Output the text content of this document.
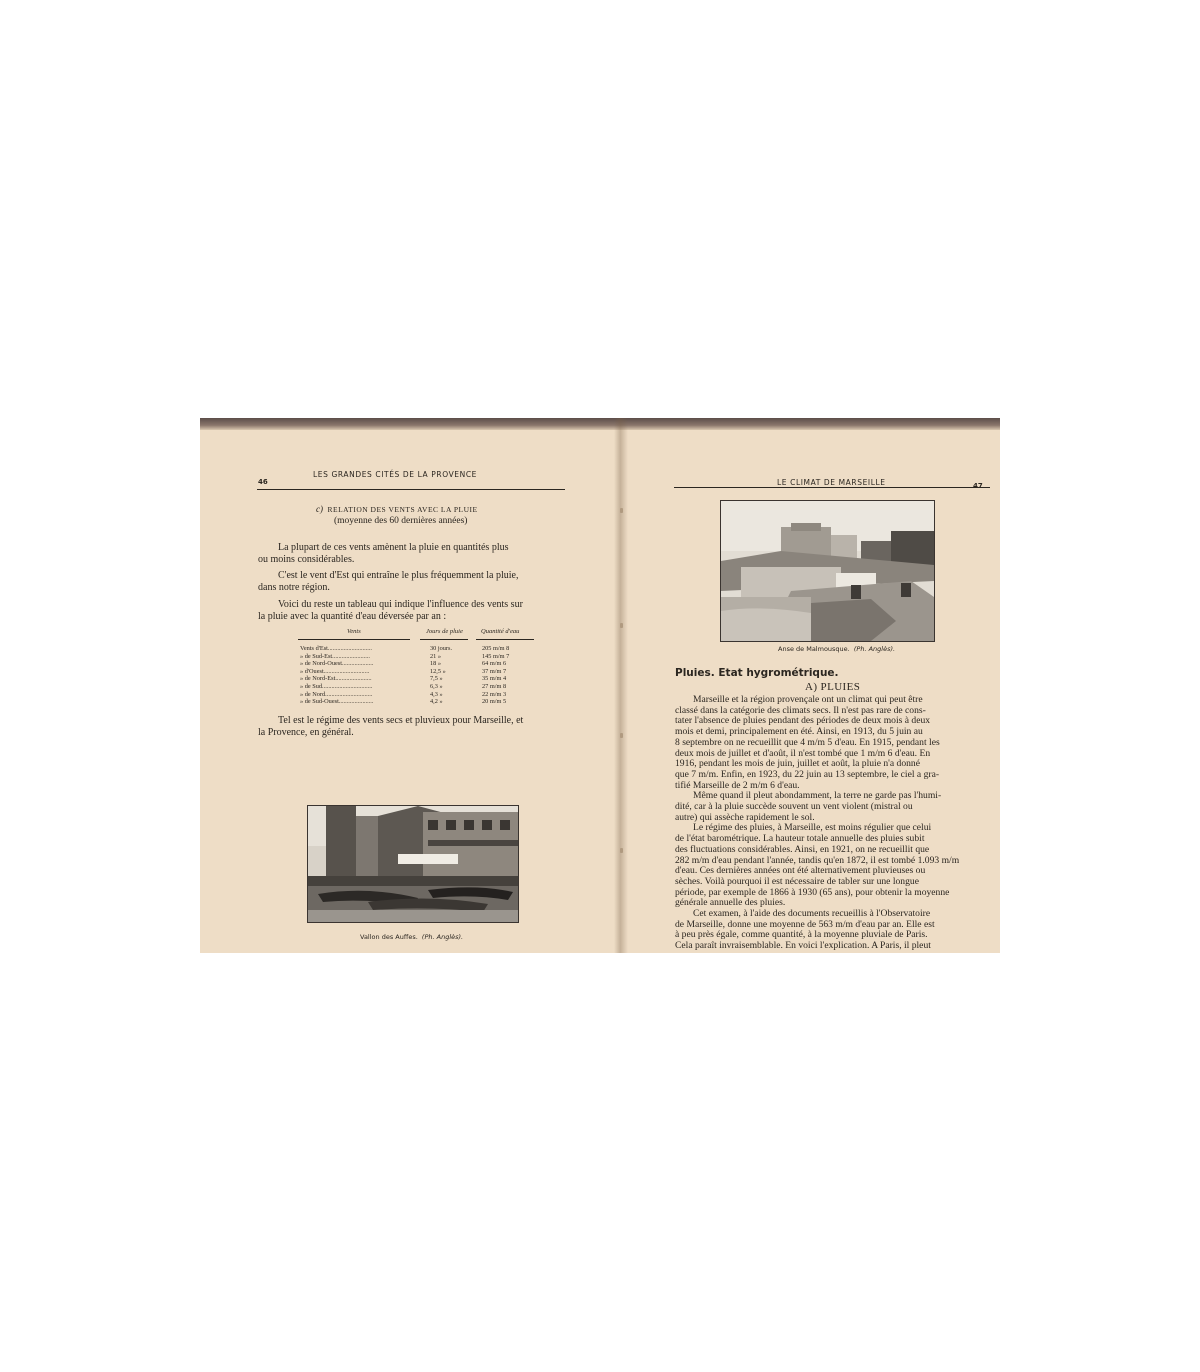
46
LES GRANDES CITÉS DE LA PROVENCE
c) RELATION DES VENTS AVEC LA PLUIE
(moyenne des 60 dernières années)
La plupart de ces vents amènent la pluie en quantités plus
ou moins considérables.
C'est le vent d'Est qui entraîne le plus fréquemment la pluie,
dans notre région.
Voici du reste un tableau qui indique l'influence des vents sur
la pluie avec la quantité d'eau déversée par an :
Vents	Jours de pluie	Quantité d'eau
Vents d'Est............................	30 jours.	205 m/m 8
» de Sud-Est........................	21 »	145 m/m 7
» de Nord-Ouest....................	18 »	64 m/m 6
» d'Ouest.............................	12,5 »	37 m/m 7
» de Nord-Est.......................	7,5 »	35 m/m 4
» de Sud................................	6,3 »	27 m/m 8
» de Nord..............................	4,3 »	22 m/m 3
» de Sud-Ouest......................	4,2 »	20 m/m 5
Tel est le régime des vents secs et pluvieux pour Marseille, et
la Provence, en général.
Vallon des Auffes. (Ph. Anglès).
LE CLIMAT DE MARSEILLE	47
Anse de Malmousque. (Ph. Anglès).
Pluies. Etat hygrométrique.
A) PLUIES
Marseille et la région provençale ont un climat qui peut être
classé dans la catégorie des climats secs. Il n'est pas rare de cons-
tater l'absence de pluies pendant des périodes de deux mois à deux
mois et demi, principalement en été. Ainsi, en 1913, du 5 juin au
8 septembre on ne recueillit que 4 m/m 5 d'eau. En 1915, pendant les
deux mois de juillet et d'août, il n'est tombé que 1 m/m 6 d'eau. En
1916, pendant les mois de juin, juillet et août, la pluie n'a donné
que 7 m/m. Enfin, en 1923, du 22 juin au 13 septembre, le ciel a gra-
tifié Marseille de 2 m/m 6 d'eau.
Même quand il pleut abondamment, la terre ne garde pas l'humi-
dité, car à la pluie succède souvent un vent violent (mistral ou
autre) qui assèche rapidement le sol.
Le régime des pluies, à Marseille, est moins régulier que celui
de l'état barométrique. La hauteur totale annuelle des pluies subit
des fluctuations considérables. Ainsi, en 1921, on ne recueillit que
282 m/m d'eau pendant l'année, tandis qu'en 1872, il est tombé 1.093 m/m
d'eau. Ces dernières années ont été alternativement pluvieuses ou
sèches. Voilà pourquoi il est nécessaire de tabler sur une longue
période, par exemple de 1866 à 1930 (65 ans), pour obtenir la moyenne
générale annuelle des pluies.
Cet examen, à l'aide des documents recueillis à l'Observatoire
de Marseille, donne une moyenne de 563 m/m d'eau par an. Elle est
à peu près égale, comme quantité, à la moyenne pluviale de Paris.
Cela paraît invraisemblable. En voici l'explication. A Paris, il pleut
